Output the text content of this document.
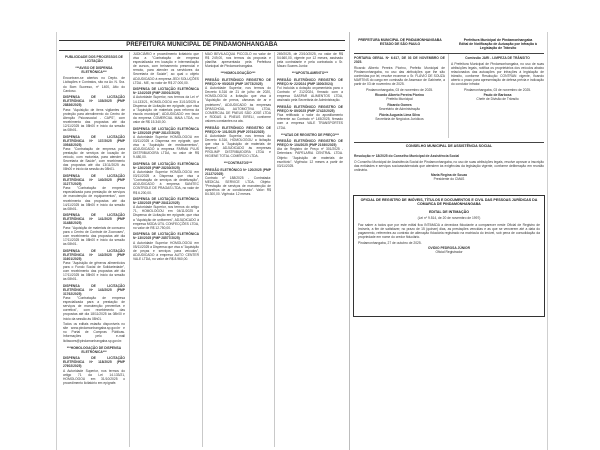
PREFEITURA MUNICIPAL DE PINDAMONHANGABA
PUBLICIDADE DOS PROCESSOS DE LICITAÇÃO
***AVISO DE DISPENSA ELETRÔNICA***

Encontram-se abertos no Depto. de Licitações e Contratos, sito na Av. N. Sra. do Bom Sucesso, nº 1400, Alto do Cardoso.

DISPENSA DE LICITAÇÃO ELETRÔNICA Nº 135/2025 (PMP 28836/2025)

Para: "Aquisição de itens vigilantes de proteção para atendimento do Centro de Atenção Psicossocial - CAPS", com recebimento das propostas até dia 12/11/2025 às 08h00 e início da sessão às 08h01.

DISPENSA DE LICITAÇÃO ELETRÔNICA Nº 137/2025 (PMP 30548/2025)

Para: "Contratação de empresa para prestação de serviços de locação de veículo, com motorista, para atender à Secretaria de Saúde", com recebimento das propostas até dia 13/11/2025 às 08h00 e início da sessão às 08h01.

DISPENSA DE LICITAÇÃO ELETRÔNICA Nº 140/2025 (PMP 31277/2025)

Para: "Contratação de empresa especializada para prestação de serviços de manutenção de equipamentos", com recebimento das propostas até dia 14/11/2025 às 08h00 e início da sessão às 08h01.

DISPENSA DE LICITAÇÃO ELETRÔNICA Nº 141/2025 (PMP 31488/2025)

Para: "Aquisição de materiais de consumo para o Centro de Controle de Zoonoses", com recebimento das propostas até dia 17/11/2025 às 08h00 e início da sessão às 08h01.

DISPENSA DE LICITAÇÃO ELETRÔNICA Nº 142/2025 (PMP 31601/2025)

Para: "Aquisição de gêneros alimentícios para o Fundo Social de Solidariedade", com recebimento das propostas até dia 17/11/2025 às 08h00 e início da sessão às 08h01.

DISPENSA DE LICITAÇÃO ELETRÔNICA Nº 143/2025 (PMP 31762/2025)

Para: "Contratação de empresa especializada para a prestação de serviços de manutenção preventiva e corretiva", com recebimento das propostas até dia 18/11/2025 às 08h00 e início da sessão às 08h01.

Todos os editais estarão disponíveis no site www.pindamonhangaba.sp.gov.br e no Portal de Compras Públicas. Informações pelo e-mail licitacoes@pindamonhangaba.sp.gov.br.

***HOMOLOGAÇÃO DE DISPENSA ELETRÔNICA***
DISPENSA DE LICITAÇÃO ELETRÔNICA Nº 118/2025 (PMP 27602/2025)

A Autoridade Superior, nos termos do artigo 71 da Lei 14.133/21, HOMOLOGOU em 31/10/2025 o procedimento licitatório em epígrafe.

JUDICIÁRIO e procedimento licitatório que visa a "Contratação de empresa especializada em locação e intermediação de cursos, com treinamento presencial e remoto, para atender os servidores da Secretaria de Saúde", ao qual o objeto ADJUDICADO à empresa JEDI SOLUÇÕES LTDA - ME, no valor de R$ 27.000,00.

DISPENSA DE LICITAÇÃO ELETRÔNICA Nº 124/2025 (PMP 28001/2025)

A Autoridade Superior, nos termos da Lei nº 14.133/21, HOMOLOGOU em 31/10/2025 a Dispensa de Licitação em epígrafe, que visa a "Aquisição de materiais para reforma da escola municipal", ADJUDICADO em favor da empresa COMERCIAL MAIA LTDA, no valor de R$ 15.340,00.

DISPENSA DE LICITAÇÃO ELETRÔNICA Nº 125/2025 (PMP 28147/2025)

A Autoridade Superior HOMOLOGOU em 03/11/2025 a Dispensa em epígrafe, que visa a "Aquisição de medicamentos", ADJUDICADO à empresa FARMA PLUS DISTRIBUIDORA LTDA, no valor de R$ 9.480,00.

DISPENSA DE LICITAÇÃO ELETRÔNICA Nº 126/2025 (PMP 28230/2025)

A Autoridade Superior HOMOLOGOU em 03/11/2025 a Dispensa que visa a "Contratação de serviços de dedetização", ADJUDICADO à empresa SANITEC CONTROLE DE PRAGAS LTDA, no valor de R$ 6.200,00.

DISPENSA DE LICITAÇÃO ELETRÔNICA Nº 128/2025 (PMP 28411/2025)

A Autoridade Superior, nos termos do artigo 71, HOMOLOGOU em 04/11/2025 a Dispensa de Licitação em epígrafe, que visa a "Aquisição de uniformes", ADJUDICADO à empresa MODA ÚTIL CONFECÇÕES LTDA, no valor de R$ 12.750,00.

DISPENSA DE LICITAÇÃO ELETRÔNICA Nº 130/2025 (PMP 28577/2025)

A Autoridade Superior HOMOLOGOU em 05/11/2025 a Dispensa que visa a "Aquisição de peças e serviços para veículos", ADJUDICADO à empresa AUTO CENTER VALE LTDA, no valor de R$ 8.960,00.

MAO BEVILACQUA PICCOLO no valor de R$ 249,00, nos termos da proposta e planilha apresentada pela Prefeitura Municipal de Pindamonhangaba.

***HOMOLOGAÇÃO***
PREGÃO ELETRÔNICO REGISTRO DE PREÇO Nº 95/2025 (PMP 19773/2025)

A Autoridade Superior, nos termos do Decreto 6.316 de 21 de julho de 2020, HOMOLOGOU a licitação que visa à "Aquisição de pneus, câmaras de ar e protetores", ADJUDICADO às empresas DPASCHOAL AUTOMOTIVA LTDA, COMERCIAL DE PNEUS SÃO JOSÉ LTDA e RODAS & PNEUS EIRELI, conforme valores constantes na ata.

PREGÃO ELETRÔNICO REGISTRO DE PREÇO Nº 101/2025 (PMP 20744/2025)

A Autoridade Superior, nos termos do Decreto 6.316, HOMOLOGOU a licitação que visa à "Aquisição de materiais de limpeza", ADJUDICADO às empresas PROLIMP DISTRIBUIDORA LTDA e HIGIENE TOTAL COMÉRCIO LTDA.

***CONTRATOS***
PREGÃO ELETRÔNICO Nº 120/2025 (PMP 21127/2025)

Contrato nº 188/2025 - Contratada: MEDICAL SERVICE LTDA. Objeto: "Prestação de serviços de manutenção de aparelhos de ar condicionado". Valor: R$ 84.300,00. Vigência: 12 meses.

269/2025, de 23/10/2025, no valor de R$ 54.660,00, vigente por 12 meses, assinado pela contratante e pela contratada o Sr. Mauro Soares Junior.

***APOSTILAMENTO***
PREGÃO ELETRÔNICO REGISTRO DE PREÇO Nº 22/2024 (PMP 1800/2024)

Foi incluída a dotação orçamentária para o Contrato nº 212/2024, firmado com a empresa GASPAR ALIMENTOS LTDA, assinado pela Secretária de Administração.

PREGÃO ELETRÔNICO REGISTRO DE PREÇO Nº 89/2025 (PMP 17422/2025)

Fica retificado o valor do apostilamento referente ao Contrato nº 145/2025, firmado com a empresa VALE TRANSPORTES LTDA.

***ATAS DE REGISTRO DE PREÇO***
PREGÃO ELETRÔNICO REGISTRO DE PREÇO Nº 104/2025 (PMP 21930/2025)

Ata de Registro de Preço nº 301/2025 - Detentora: PAPELARIA CENTRAL LTDA. Objeto: "Aquisição de materiais de escritório". Vigência: 12 meses a partir de 03/11/2025.

PREFEITURA MUNICIPAL DE PINDAMONHANGABA
ESTADO DE SÃO PAULO
Prefeitura Municipal de Pindamonhangaba
Edital de Notificação de Autuação por Infração à Legislação de Trânsito

PORTARIA GERAL Nº 6.617, DE 03 DE NOVEMBRO DE 2025.

Ricardo Alberto Pereira Piorino, Prefeito Municipal de Pindamonhangaba, no uso das atribuições que lhe são conferidas por lei, resolve exonerar o Sr. FLÁVIO DE SOUZA MARTINS do cargo em comissão de Assessor de Gabinete, a partir de 03 de novembro de 2025.

Pindamonhangaba, 03 de novembro de 2025.

Ricardo Alberto Pereira Piorino
Prefeito Municipal
Ricardo Gomes
Secretário de Administração
Flávia Augusta Lima Silva
Secretária de Negócios Jurídicos

Comissão JARI - LIMPEZA DE TRÂNSITO

A Prefeitura Municipal de Pindamonhangaba, no uso de suas atribuições legais, notifica os proprietários dos veículos abaixo relacionados das autuações por infrações à legislação de trânsito, conforme Resolução CONTRAN vigente, ficando aberto o prazo para apresentação de defesa prévia e indicação do condutor infrator.

Pindamonhangaba, 03 de novembro de 2025.

Paulo de Barbosa
Chefe de Divisão de Trânsito
CONSELHO MUNICIPAL DE ASSISTÊNCIA SOCIAL

Resolução nº 18/2025 do Conselho Municipal de Assistência Social

O Conselho Municipal de Assistência Social de Pindamonhangaba, no uso de suas atribuições legais, resolve aprovar a inscrição das entidades e serviços socioassistenciais que atendem às exigências da legislação vigente, conforme deliberação em reunião ordinária.

Maria Regina de Souza
Presidente do CMAS
OFICIAL DE REGISTRO DE IMÓVEIS, TÍTULOS E DOCUMENTOS E CIVIL DAS PESSOAS JURÍDICAS DA COMARCA DE PINDAMONHANGABA
EDITAL DE INTIMAÇÃO
(Lei nº 9.514, de 20 de novembro de 1997)

Faz saber a todos que por este edital fica INTIMADA a devedora fiduciante a comparecer neste Oficial de Registro de Imóveis, a fim de satisfazer, no prazo de 15 (quinze) dias, as prestações vencidas e as que se vencerem até a data do pagamento, referentes ao contrato de alienação fiduciária registrado na matrícula do imóvel, sob pena de consolidação da propriedade em nome do credor fiduciário.

Pindamonhangaba, 27 de outubro de 2025.

OVIDIO PEDROSA JÚNIOR
Oficial Registrador
